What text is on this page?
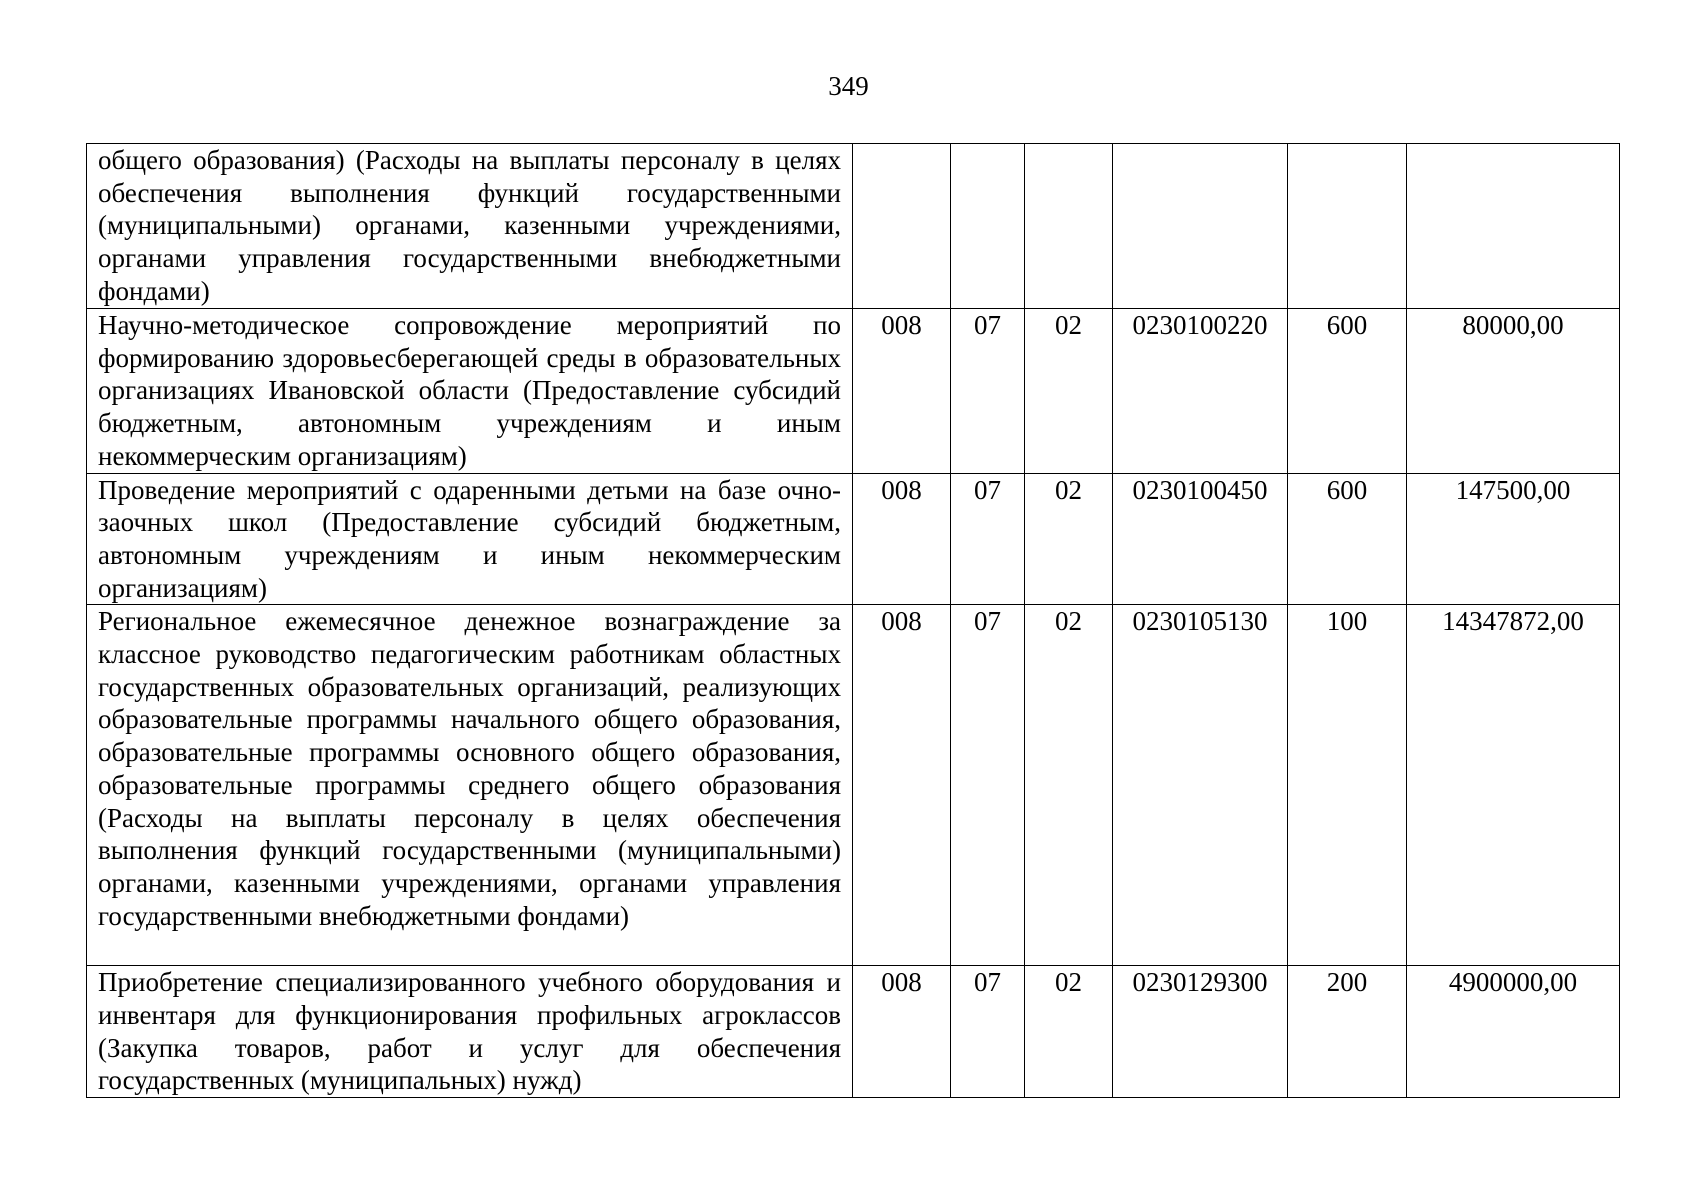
349
общего образования) (Расходы на выплаты персоналу в целях обеспечения выполнения функций государственными (муниципальными) органами, казенными учреждениями, органами управления государственными внебюджетными фондами)						
Научно-методическое сопровождение мероприятий по формированию здоровьесберегающей среды в образовательных организациях Ивановской области (Предоставление субсидий бюджетным, автономным учреждениям и иным некоммерческим организациям)	008	07	02	0230100220	600	80000,00
Проведение мероприятий с одаренными детьми на базе очно-заочных школ (Предоставление субсидий бюджетным, автономным учреждениям и иным некоммерческим организациям)	008	07	02	0230100450	600	147500,00
Региональное ежемесячное денежное вознаграждение за классное руководство педагогическим работникам областных государственных образовательных организаций, реализующих образовательные программы начального общего образования, образовательные программы основного общего образования, образовательные программы среднего общего образования (Расходы на выплаты персоналу в целях обеспечения выполнения функций государственными (муниципальными) органами, казенными учреждениями, органами управления государственными внебюджетными фондами)	008	07	02	0230105130	100	14347872,00
Приобретение специализированного учебного оборудования и инвентаря для функционирования профильных агроклассов (Закупка товаров, работ и услуг для обеспечения государственных (муниципальных) нужд)	008	07	02	0230129300	200	4900000,00
